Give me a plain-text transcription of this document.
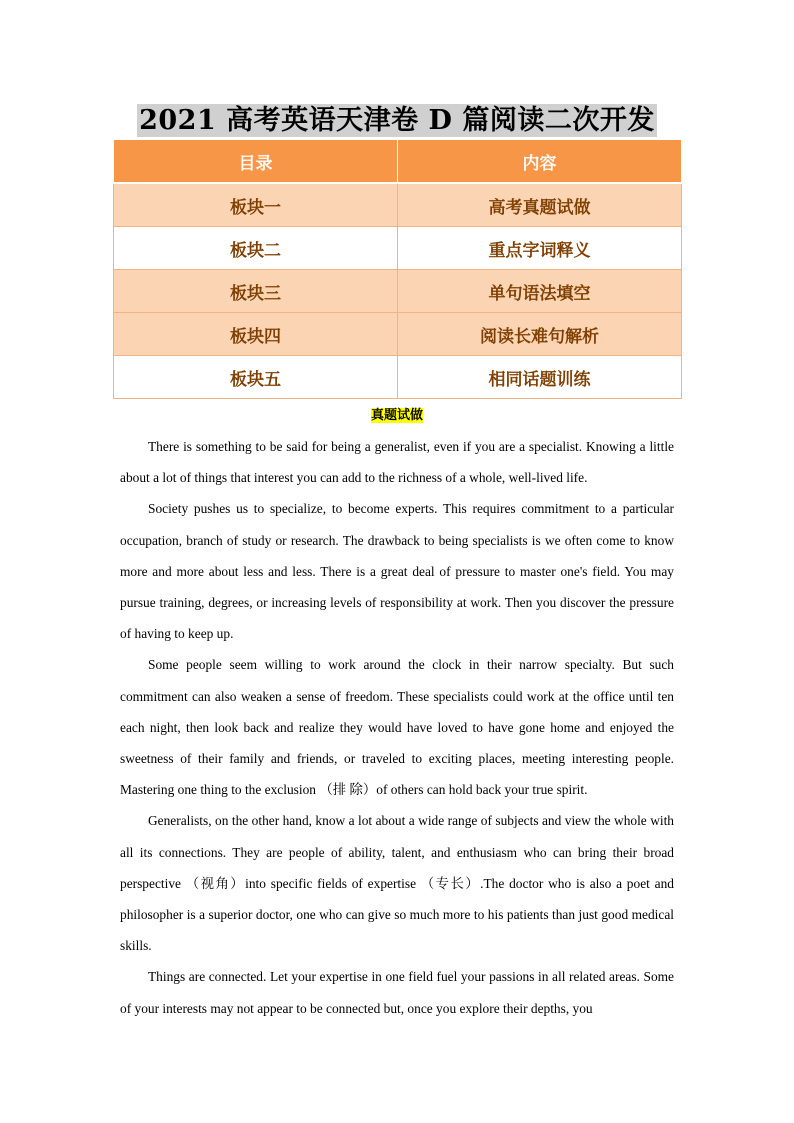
2021 高考英语天津卷 D 篇阅读二次开发
目录	内容
板块一	高考真题试做
板块二	重点字词释义
板块三	单句语法填空
板块四	阅读长难句解析
板块五	相同话题训练
真题试做

There is something to be said for being a generalist, even if you are a specialist. Knowing a little about a lot of things that interest you can add to the richness of a whole, well-lived life.

Society pushes us to specialize, to become experts. This requires commitment to a particular occupation, branch of study or research. The drawback to being specialists is we often come to know more and more about less and less. There is a great deal of pressure to master one's field. You may pursue training, degrees, or increasing levels of responsibility at work. Then you discover the pressure of having to keep up.

Some people seem willing to work around the clock in their narrow specialty. But such commitment can also weaken a sense of freedom. These specialists could work at the office until ten each night, then look back and realize they would have loved to have gone home and enjoyed the sweetness of their family and friends, or traveled to exciting places, meeting interesting people. Mastering one thing to the exclusion （排 除）of others can hold back your true spirit.

Generalists, on the other hand, know a lot about a wide range of subjects and view the whole with all its connections. They are people of ability, talent, and enthusiasm who can bring their broad perspective （视角）into specific fields of expertise （专长）.The doctor who is also a poet and philosopher is a superior doctor, one who can give so much more to his patients than just good medical skills.

Things are connected. Let your expertise in one field fuel your passions in all related areas. Some of your interests may not appear to be connected but, once you explore their depths, you
